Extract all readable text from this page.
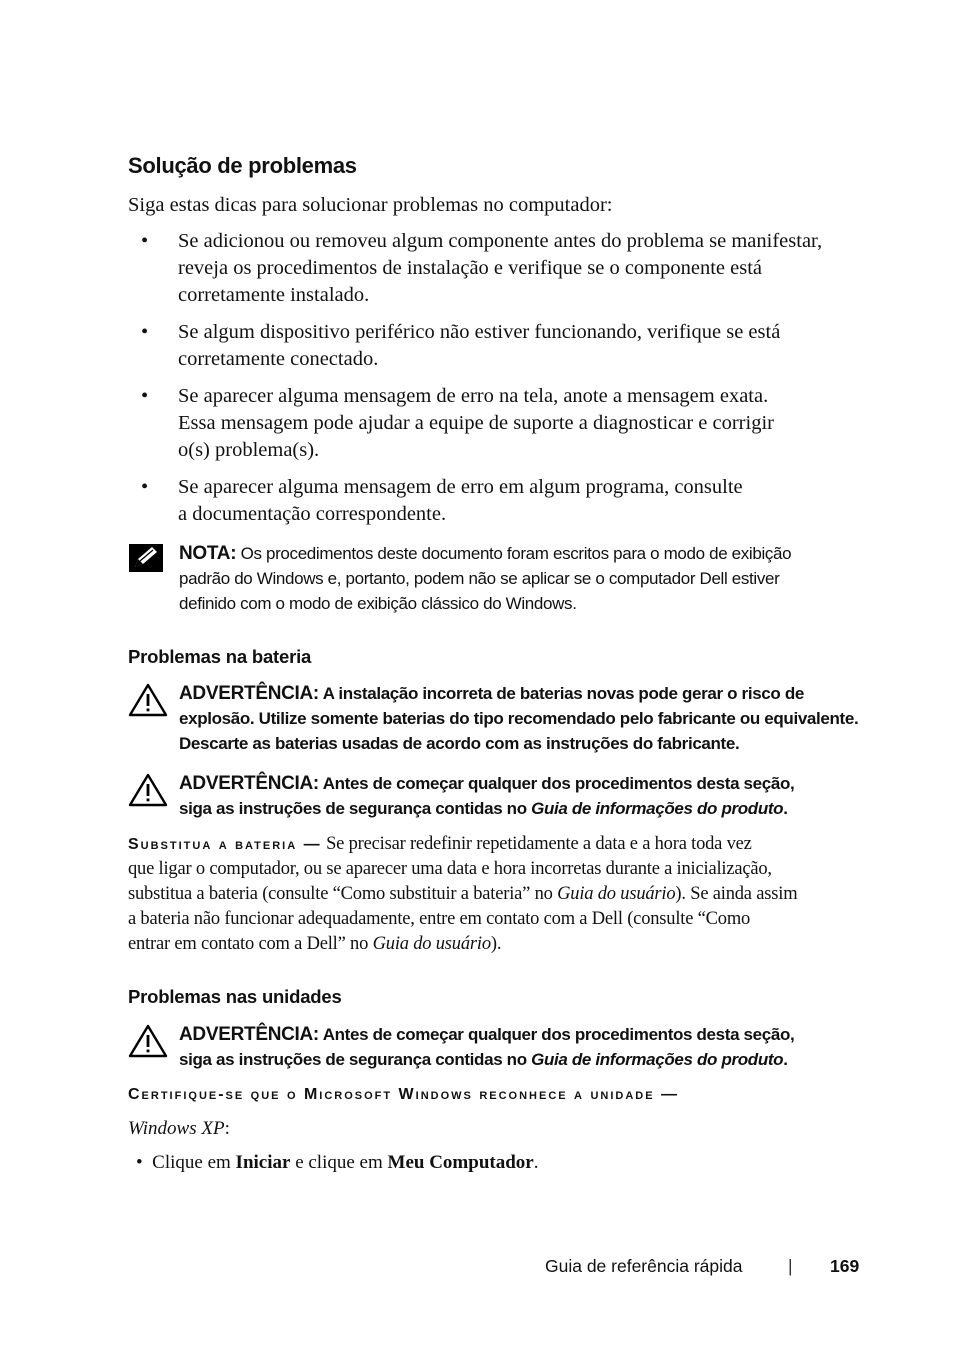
Solução de problemas
Siga estas dicas para solucionar problemas no computador:
• Se adicionou ou removeu algum componente antes do problema se manifestar,
reveja os procedimentos de instalação e verifique se o componente está
corretamente instalado.
• Se algum dispositivo periférico não estiver funcionando, verifique se está
corretamente conectado.
• Se aparecer alguma mensagem de erro na tela, anote a mensagem exata.
Essa mensagem pode ajudar a equipe de suporte a diagnosticar e corrigir
o(s) problema(s).
• Se aparecer alguma mensagem de erro em algum programa, consulte
a documentação correspondente.
NOTA: Os procedimentos deste documento foram escritos para o modo de exibição
padrão do Windows e, portanto, podem não se aplicar se o computador Dell estiver
definido com o modo de exibição clássico do Windows.
Problemas na bateria
ADVERTÊNCIA: A instalação incorreta de baterias novas pode gerar o risco de
explosão. Utilize somente baterias do tipo recomendado pelo fabricante ou equivalente.
Descarte as baterias usadas de acordo com as instruções do fabricante.
ADVERTÊNCIA: Antes de começar qualquer dos procedimentos desta seção,
siga as instruções de segurança contidas no Guia de informações do produto.
Substitua a bateria — Se precisar redefinir repetidamente a data e a hora toda vez
que ligar o computador, ou se aparecer uma data e hora incorretas durante a inicialização,
substitua a bateria (consulte “Como substituir a bateria” no Guia do usuário). Se ainda assim
a bateria não funcionar adequadamente, entre em contato com a Dell (consulte “Como
entrar em contato com a Dell” no Guia do usuário).
Problemas nas unidades
ADVERTÊNCIA: Antes de começar qualquer dos procedimentos desta seção,
siga as instruções de segurança contidas no Guia de informações do produto.
Certifique-se que o Microsoft Windows reconhece a unidade —
Windows XP:
• Clique em Iniciar e clique em Meu Computador.
Guia de referência rápida	| 169
